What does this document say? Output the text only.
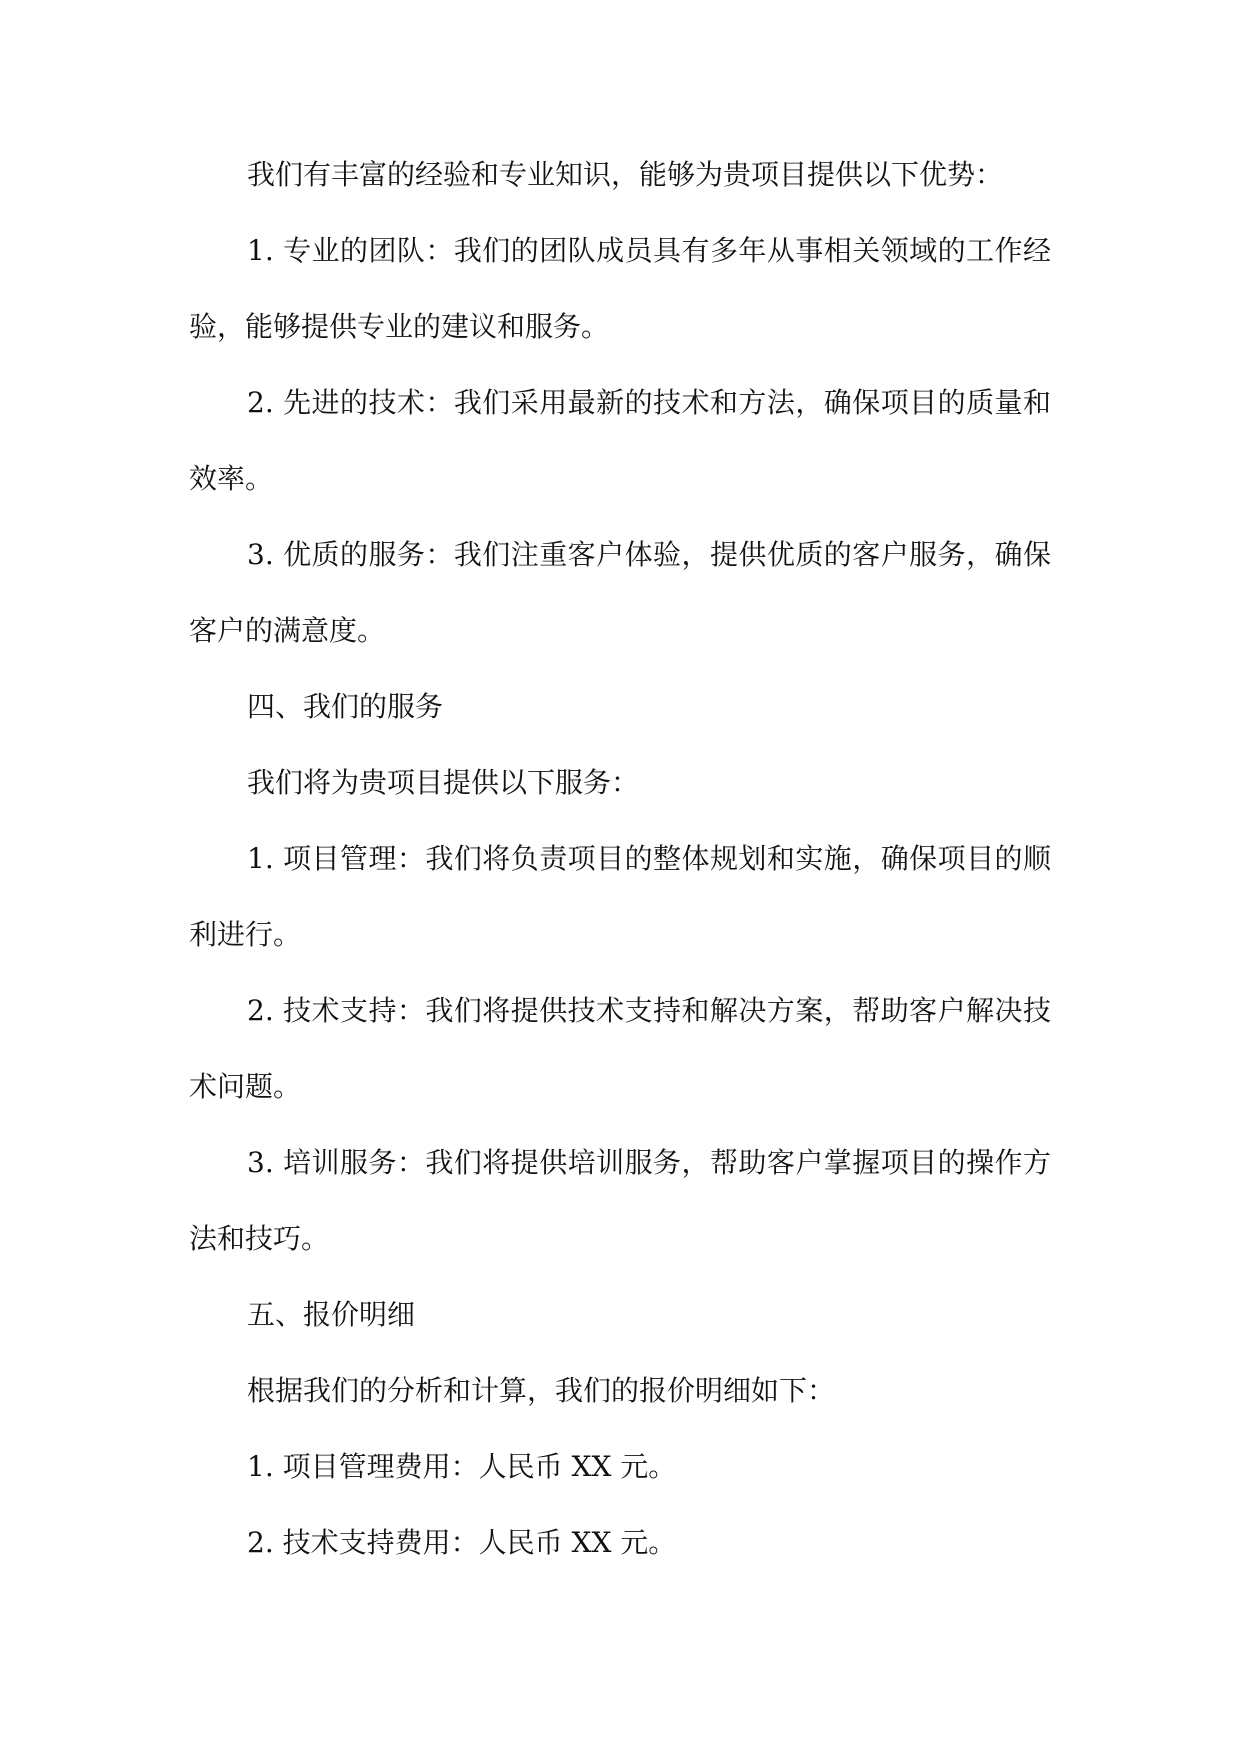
我们有丰富的经验和专业知识，能够为贵项目提供以下优势：

1. 专业的团队：我们的团队成员具有多年从事相关领域的工作经验，能够提供专业的建议和服务。

2. 先进的技术：我们采用最新的技术和方法，确保项目的质量和效率。

3. 优质的服务：我们注重客户体验，提供优质的客户服务，确保客户的满意度。

四、我们的服务

我们将为贵项目提供以下服务：

1. 项目管理：我们将负责项目的整体规划和实施，确保项目的顺利进行。

2. 技术支持：我们将提供技术支持和解决方案，帮助客户解决技术问题。

3. 培训服务：我们将提供培训服务，帮助客户掌握项目的操作方法和技巧。

五、报价明细

根据我们的分析和计算，我们的报价明细如下：

1. 项目管理费用：人民币 XX 元。

2. 技术支持费用：人民币 XX 元。
